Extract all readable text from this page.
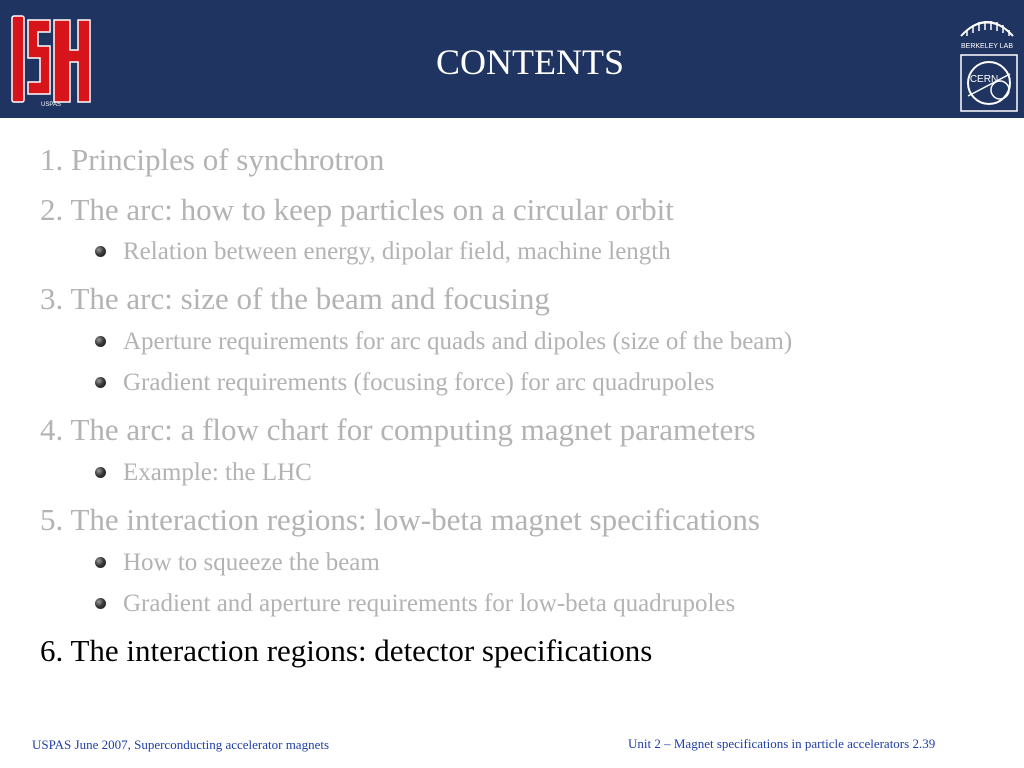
USPAS
CONTENTS	BERKELEY LAB
CERN
1. Principles of synchrotron
2. The arc: how to keep particles on a circular orbit
Relation between energy, dipolar field, machine length
3. The arc: size of the beam and focusing
Aperture requirements for arc quads and dipoles (size of the beam)
Gradient requirements (focusing force) for arc quadrupoles
4. The arc: a flow chart for computing magnet parameters
Example: the LHC
5. The interaction regions: low-beta magnet specifications
How to squeeze the beam
Gradient and aperture requirements for low-beta quadrupoles
6. The interaction regions: detector specifications
USPAS June 2007, Superconducting accelerator magnets	Unit 2 – Magnet specifications in particle accelerators 2.39
